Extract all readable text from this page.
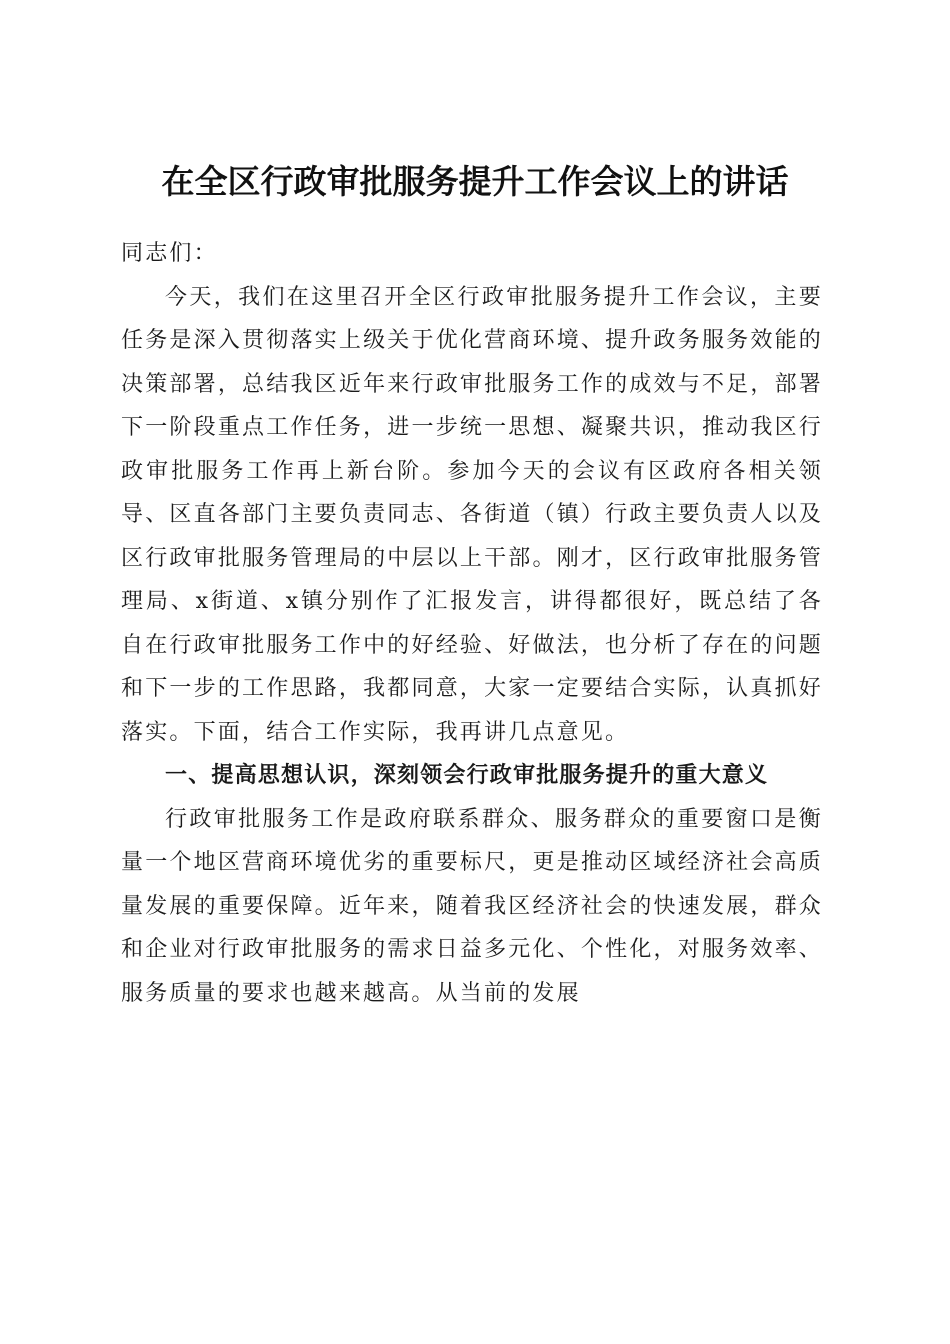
在全区行政审批服务提升工作会议上的讲话

同志们：

今天，我们在这里召开全区行政审批服务提升工作会议，主要任务是深入贯彻落实上级关于优化营商环境、提升政务服务效能的决策部署，总结我区近年来行政审批服务工作的成效与不足，部署下一阶段重点工作任务，进一步统一思想、凝聚共识，推动我区行政审批服务工作再上新台阶。参加今天的会议有区政府各相关领导、区直各部门主要负责同志、各街道（镇）行政主要负责人以及区行政审批服务管理局的中层以上干部。刚才，区行政审批服务管理局、x街道、x镇分别作了汇报发言，讲得都很好，既总结了各自在行政审批服务工作中的好经验、好做法，也分析了存在的问题和下一步的工作思路，我都同意，大家一定要结合实际，认真抓好落实。下面，结合工作实际，我再讲几点意见。

一、提高思想认识，深刻领会行政审批服务提升的重大意义

行政审批服务工作是政府联系群众、服务群众的重要窗口是衡量一个地区营商环境优劣的重要标尺，更是推动区域经济社会高质量发展的重要保障。近年来，随着我区经济社会的快速发展，群众和企业对行政审批服务的需求日益多元化、个性化，对服务效率、服务质量的要求也越来越高。从当前的发展
